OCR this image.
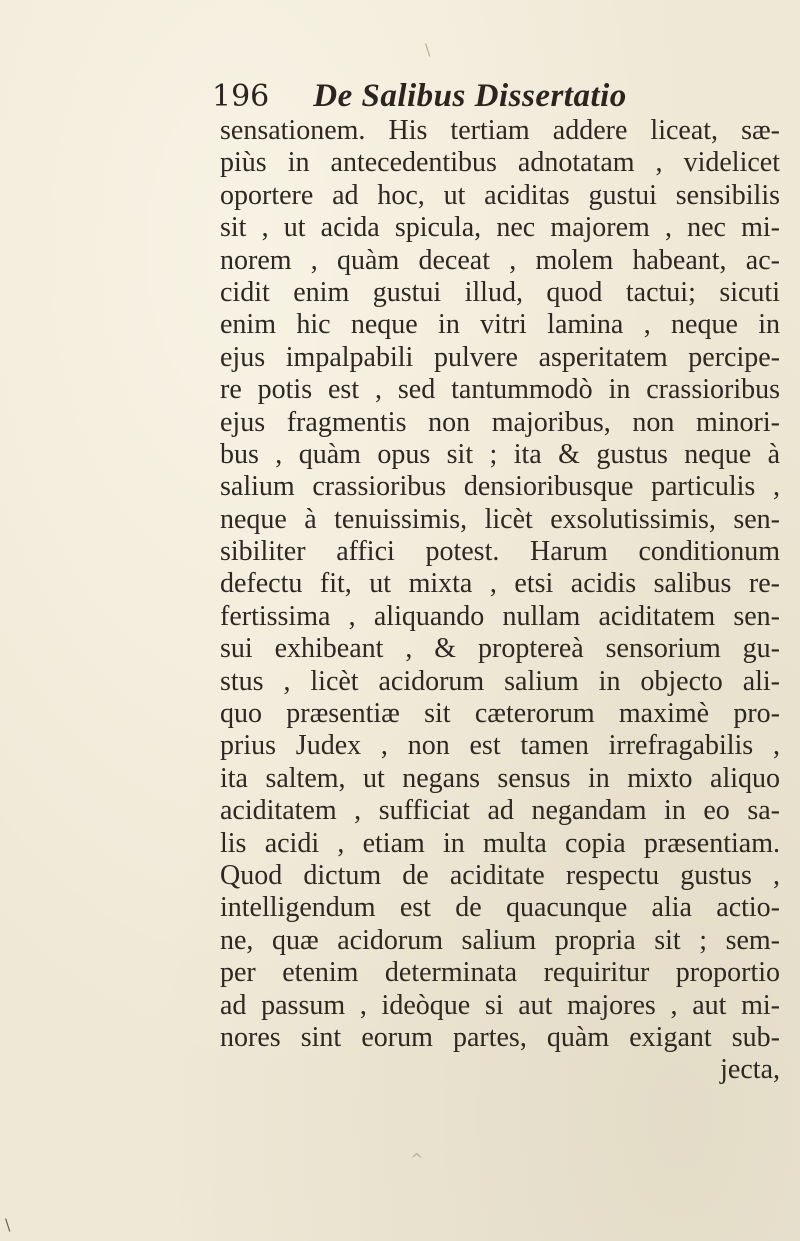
196 De Salibus Dissertatio
sensationem. His tertiam addere liceat, sæ-
piùs in antecedentibus adnotatam , videlicet
oportere ad hoc, ut aciditas gustui sensibilis
sit , ut acida spicula, nec majorem , nec mi-
norem , quàm deceat , molem habeant, ac-
cidit enim gustui illud, quod tactui; sicuti
enim hic neque in vitri lamina , neque in
ejus impalpabili pulvere asperitatem percipe-
re potis est , sed tantummodò in crassioribus
ejus fragmentis non majoribus, non minori-
bus , quàm opus sit ; ita & gustus neque à
salium crassioribus densioribusque particulis ,
neque à tenuissimis, licèt exsolutissimis, sen-
sibiliter affici potest. Harum conditionum
defectu fit, ut mixta , etsi acidis salibus re-
fertissima , aliquando nullam aciditatem sen-
sui exhibeant , & proptereà sensorium gu-
stus , licèt acidorum salium in objecto ali-
quo præsentiæ sit cæterorum maximè pro-
prius Judex , non est tamen irrefragabilis ,
ita saltem, ut negans sensus in mixto aliquo
aciditatem , sufficiat ad negandam in eo sa-
lis acidi , etiam in multa copia præsentiam.
Quod dictum de aciditate respectu gustus ,
intelligendum est de quacunque alia actio-
ne, quæ acidorum salium propria sit ; sem-
per etenim determinata requiritur proportio
ad passum , ideòque si aut majores , aut mi-
nores sint eorum partes, quàm exigant sub-
jecta,
\
^
\
